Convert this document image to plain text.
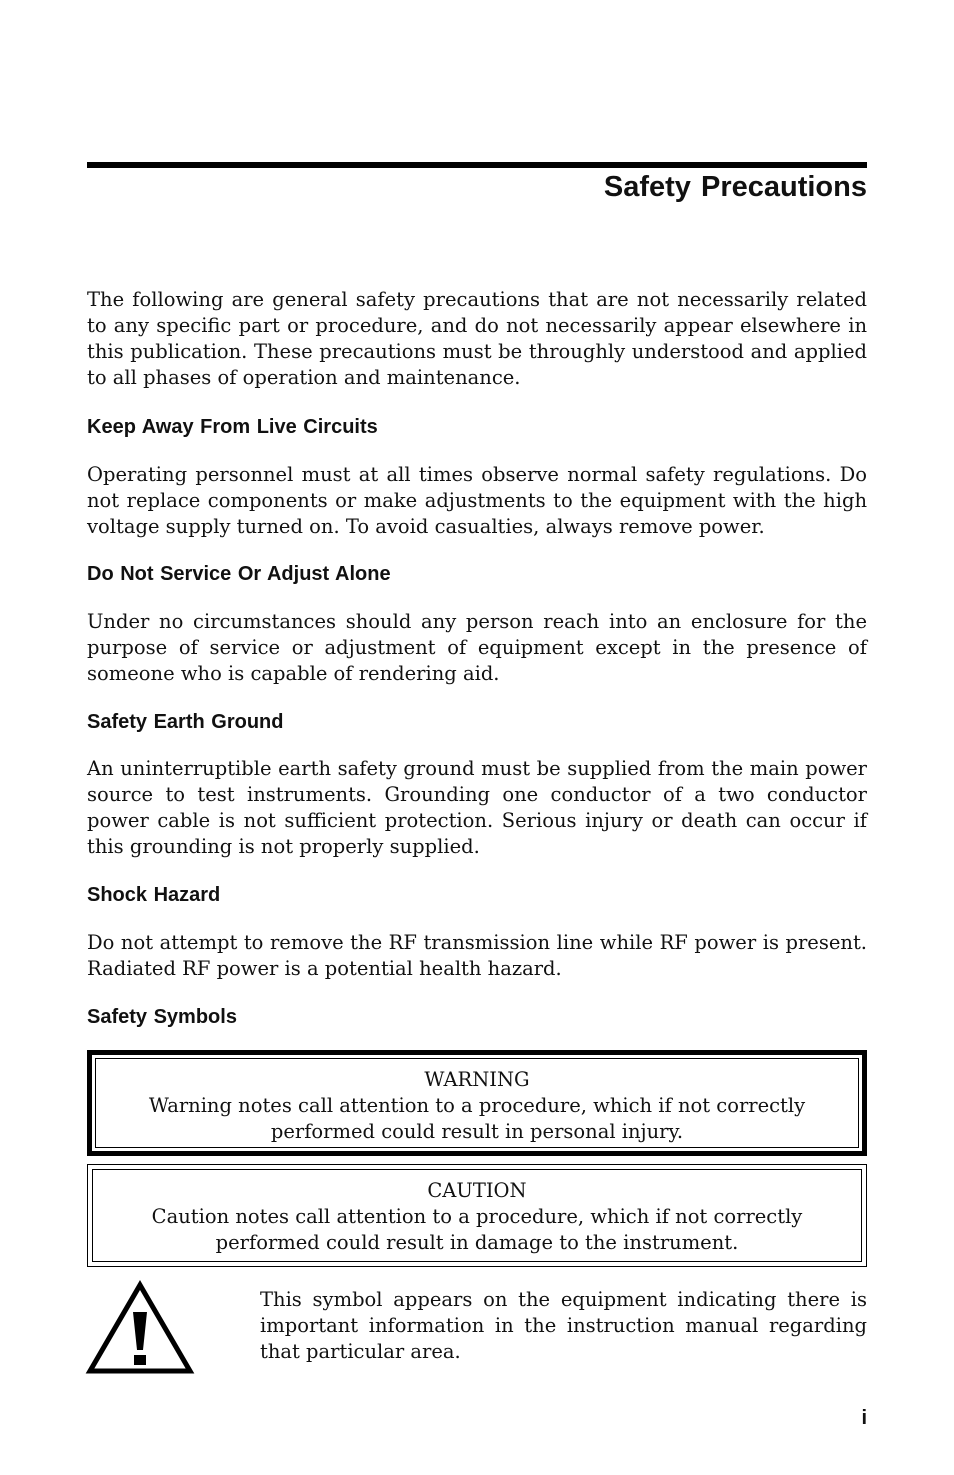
Safety Precautions

The following are general safety precautions that are not necessarily related to any specific part or procedure, and do not necessarily appear elsewhere in this publication. These precautions must be throughly understood and applied to all phases of operation and maintenance.

Keep Away From Live Circuits

Operating personnel must at all times observe normal safety regulations. Do not replace components or make adjustments to the equipment with the high voltage supply turned on. To avoid casualties, always remove power.

Do Not Service Or Adjust Alone

Under no circumstances should any person reach into an enclosure for the purpose of service or adjustment of equipment except in the presence of someone who is capable of rendering aid.

Safety Earth Ground

An uninterruptible earth safety ground must be supplied from the main power source to test instruments. Grounding one conductor of a two conductor power cable is not sufficient protection. Serious injury or death can occur if this grounding is not properly supplied.

Shock Hazard

Do not attempt to remove the RF transmission line while RF power is present. Radiated RF power is a potential health hazard.

Safety Symbols
WARNING
Warning notes call attention to a procedure, which if not correctly
performed could result in personal injury.
CAUTION
Caution notes call attention to a procedure, which if not correctly
performed could result in damage to the instrument.

This symbol appears on the equipment indicating there is important information in the instruction manual regarding that particular area.

i
